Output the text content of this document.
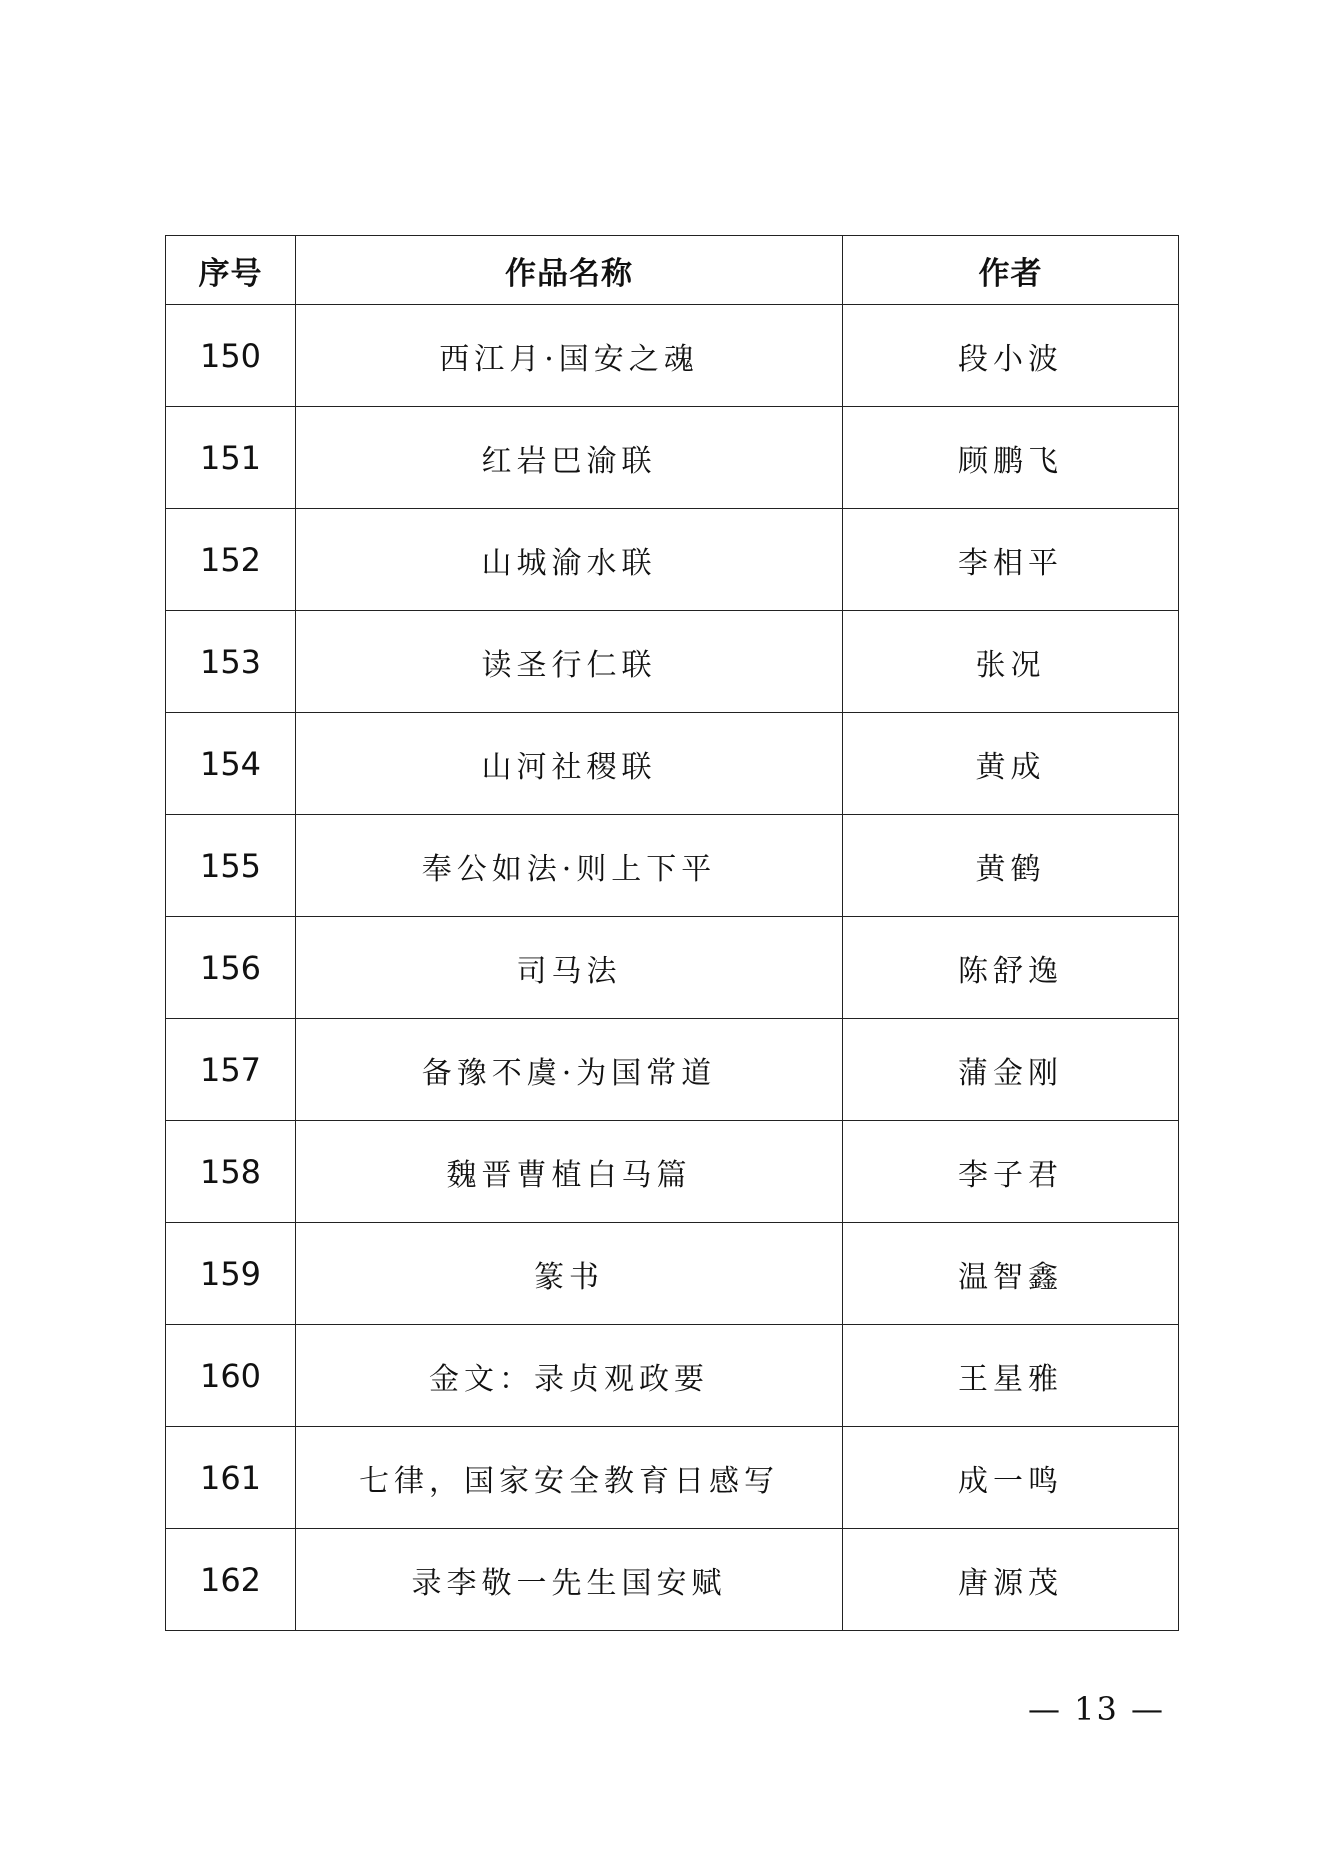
序号	作品名称	作者
150	西江月·国安之魂	段小波
151	红岩巴渝联	顾鹏飞
152	山城渝水联	李相平
153	读圣行仁联	张况
154	山河社稷联	黄成
155	奉公如法·则上下平	黄鹤
156	司马法	陈舒逸
157	备豫不虞·为国常道	蒲金刚
158	魏晋曹植白马篇	李子君
159	篆书	温智鑫
160	金文：录贞观政要	王星雅
161	七律，国家安全教育日感写	成一鸣
162	录李敬一先生国安赋	唐源茂
— 13 —
